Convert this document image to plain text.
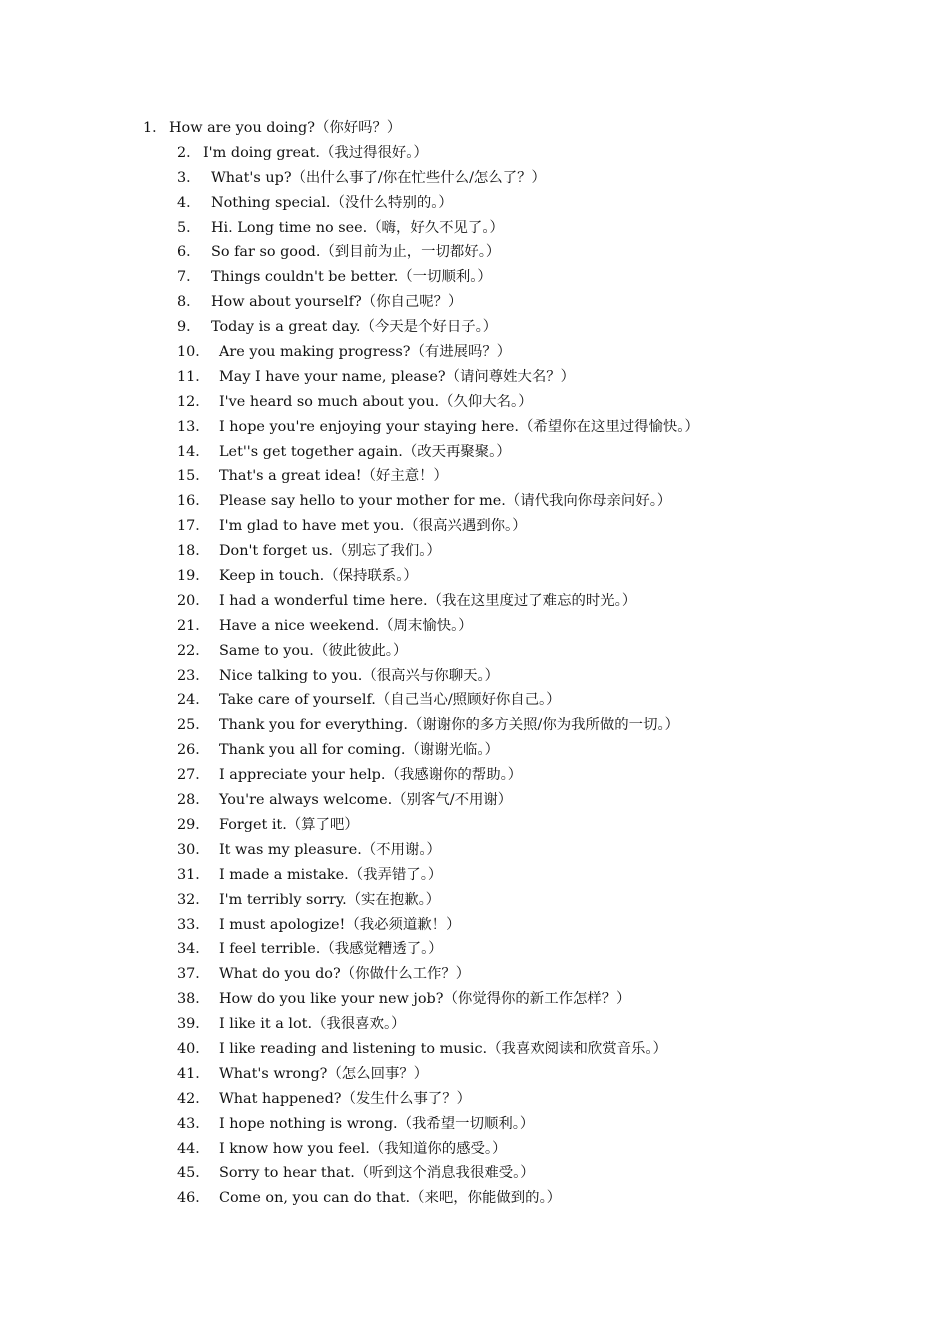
1． How are you doing?（你好吗？）
2． I'm doing great.（我过得很好。）
3． What's up?（出什么事了/你在忙些什么/怎么了？）
4． Nothing special.（没什么特别的。）
5． Hi. Long time no see.（嗨，好久不见了。）
6． So far so good.（到目前为止，一切都好。）
7． Things couldn't be better.（一切顺利。）
8． How about yourself?（你自己呢？）
9． Today is a great day.（今天是个好日子。）
10． Are you making progress?（有进展吗？）
11． May I have your name, please?（请问尊姓大名？）
12． I've heard so much about you.（久仰大名。）
13． I hope you're enjoying your staying here.（希望你在这里过得愉快。）
14． Let''s get together again.（改天再聚聚。）
15． That's a great idea!（好主意！）
16． Please say hello to your mother for me.（请代我向你母亲问好。）
17． I'm glad to have met you.（很高兴遇到你。）
18． Don't forget us.（别忘了我们。）
19． Keep in touch.（保持联系。）
20． I had a wonderful time here.（我在这里度过了难忘的时光。）
21． Have a nice weekend.（周末愉快。）
22． Same to you.（彼此彼此。）
23． Nice talking to you.（很高兴与你聊天。）
24． Take care of yourself.（自己当心/照顾好你自己。）
25． Thank you for everything.（谢谢你的多方关照/你为我所做的一切。）
26． Thank you all for coming.（谢谢光临。）
27． I appreciate your help.（我感谢你的帮助。）
28． You're always welcome.（别客气/不用谢）
29． Forget it.（算了吧）
30． It was my pleasure.（不用谢。）
31． I made a mistake.（我弄错了。）
32． I'm terribly sorry.（实在抱歉。）
33． I must apologize!（我必须道歉！）
34． I feel terrible.（我感觉糟透了。）
37． What do you do?（你做什么工作？）
38． How do you like your new job?（你觉得你的新工作怎样？）
39． I like it a lot.（我很喜欢。）
40． I like reading and listening to music.（我喜欢阅读和欣赏音乐。）
41． What's wrong?（怎么回事？）
42． What happened?（发生什么事了？）
43． I hope nothing is wrong.（我希望一切顺利。）
44． I know how you feel.（我知道你的感受。）
45． Sorry to hear that.（听到这个消息我很难受。）
46． Come on, you can do that.（来吧，你能做到的。）
